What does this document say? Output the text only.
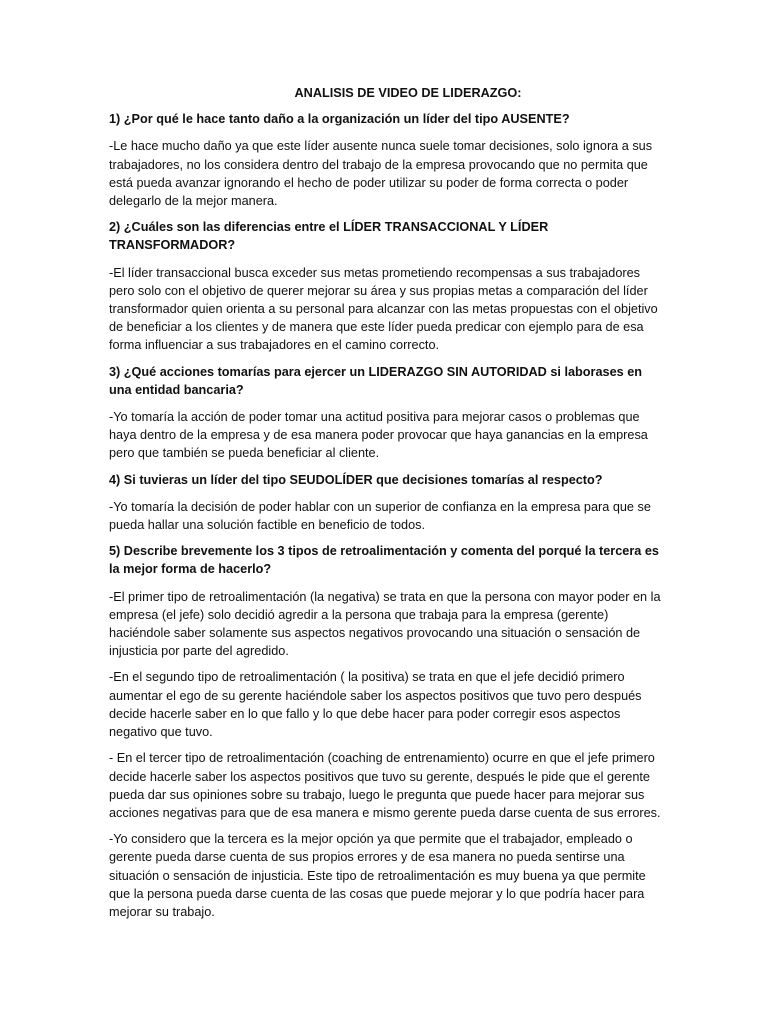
ANALISIS DE VIDEO DE LIDERAZGO:

1) ¿Por qué le hace tanto daño a la organización un líder del tipo AUSENTE?

-Le hace mucho daño ya que este líder ausente nunca suele tomar decisiones, solo ignora a sus trabajadores, no los considera dentro del trabajo de la empresa provocando que no permita que está pueda avanzar ignorando el hecho de poder utilizar su poder de forma correcta o poder delegarlo de la mejor manera.

2) ¿Cuáles son las diferencias entre el LÍDER TRANSACCIONAL Y LÍDER TRANSFORMADOR?

-El líder transaccional busca exceder sus metas prometiendo recompensas a sus trabajadores pero solo con el objetivo de querer mejorar su área y sus propias metas a comparación del líder transformador quien orienta a su personal para alcanzar con las metas propuestas con el objetivo de beneficiar a los clientes y de manera que este líder pueda predicar con ejemplo para de esa forma influenciar a sus trabajadores en el camino correcto.

3) ¿Qué acciones tomarías para ejercer un LIDERAZGO SIN AUTORIDAD si laborases en una entidad bancaria?

-Yo tomaría la acción de poder tomar una actitud positiva para mejorar casos o problemas que haya dentro de la empresa y de esa manera poder provocar que haya ganancias en la empresa pero que también se pueda beneficiar al cliente.

4) Si tuvieras un líder del tipo SEUDOLÍDER que decisiones tomarías al respecto?

-Yo tomaría la decisión de poder hablar con un superior de confianza en la empresa para que se pueda hallar una solución factible en beneficio de todos.

5) Describe brevemente los 3 tipos de retroalimentación y comenta del porqué la tercera es la mejor forma de hacerlo?

-El primer tipo de retroalimentación (la negativa) se trata en que la persona con mayor poder en la empresa (el jefe) solo decidió agredir a la persona que trabaja para la empresa (gerente) haciéndole saber solamente sus aspectos negativos provocando una situación o sensación de injusticia por parte del agredido.

-En el segundo tipo de retroalimentación ( la positiva) se trata en que el jefe decidió primero aumentar el ego de su gerente haciéndole saber los aspectos positivos que tuvo pero después decide hacerle saber en lo que fallo y lo que debe hacer para poder corregir esos aspectos negativo que tuvo.

- En el tercer tipo de retroalimentación (coaching de entrenamiento) ocurre en que el jefe primero decide hacerle saber los aspectos positivos que tuvo su gerente, después le pide que el gerente pueda dar sus opiniones sobre su trabajo, luego le pregunta que puede hacer para mejorar sus acciones negativas para que de esa manera e mismo gerente pueda darse cuenta de sus errores.

-Yo considero que la tercera es la mejor opción ya que permite que el trabajador, empleado o gerente pueda darse cuenta de sus propios errores y de esa manera no pueda sentirse una situación o sensación de injusticia. Este tipo de retroalimentación es muy buena ya que permite que la persona pueda darse cuenta de las cosas que puede mejorar y lo que podría hacer para mejorar su trabajo.
